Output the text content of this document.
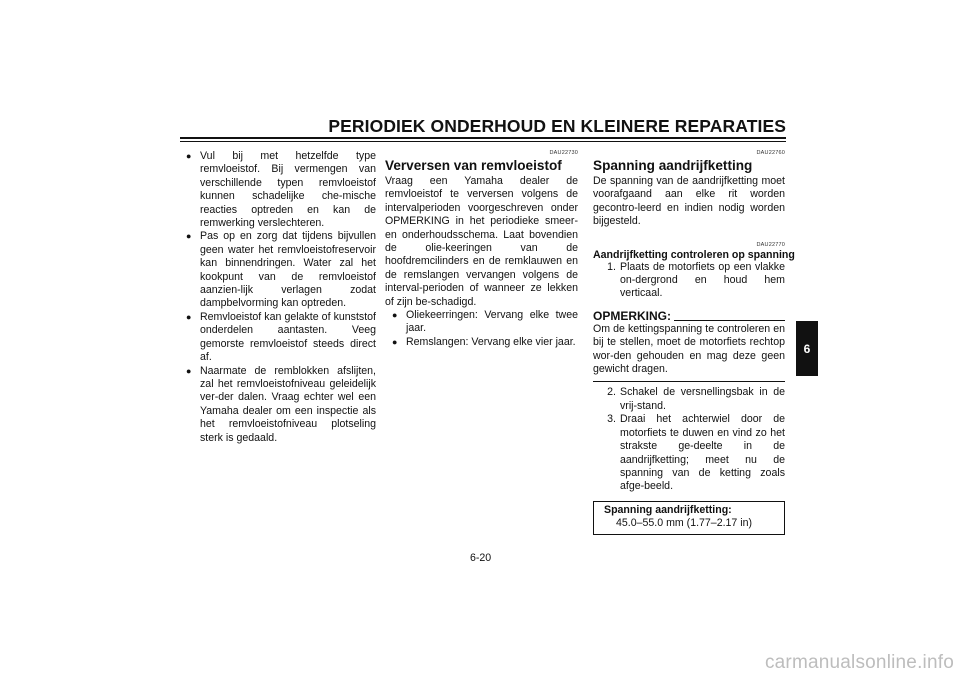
PERIODIEK ONDERHOUD EN KLEINERE REPARATIES
● Vul bij met hetzelfde type remvloeistof. Bij vermengen van verschillende typen remvloeistof kunnen schadelijke che-mische reacties optreden en kan de remwerking verslechteren.
● Pas op en zorg dat tijdens bijvullen geen water het remvloeistofreservoir kan binnendringen. Water zal het kookpunt van de remvloeistof aanzien-lijk verlagen zodat dampbelvorming kan optreden.
● Remvloeistof kan gelakte of kunststof onderdelen aantasten. Veeg gemorste remvloeistof steeds direct af.
● Naarmate de remblokken afslijten, zal het remvloeistofniveau geleidelijk ver-der dalen. Vraag echter wel een Yamaha dealer om een inspectie als het remvloeistofniveau plotseling sterk is gedaald.
DAU22730
Verversen van remvloeistof
Vraag een Yamaha dealer de remvloeistof te verversen volgens de intervalperioden voorgeschreven onder OPMERKING in het periodieke smeer- en onderhoudsschema. Laat bovendien de olie-keeringen van de hoofdremcilinders en de remklauwen en de remslangen vervangen volgens de interval-perioden of wanneer ze lekken of zijn be-schadigd.
● Oliekeerringen: Vervang elke twee jaar.
● Remslangen: Vervang elke vier jaar.
DAU22760
Spanning aandrijfketting
De spanning van de aandrijfketting moet voorafgaand aan elke rit worden gecontro-leerd en indien nodig worden bijgesteld.
DAU22770
Aandrijfketting controleren op spanning
1. Plaats de motorfiets op een vlakke on-dergrond en houd hem verticaal.
OPMERKING:
Om de kettingspanning te controleren en bij te stellen, moet de motorfiets rechtop wor-den gehouden en mag deze geen gewicht dragen.
2. Schakel de versnellingsbak in de vrij-stand.
3. Draai het achterwiel door de motorfiets te duwen en vind zo het strakste ge-deelte in de aandrijfketting; meet nu de spanning van de ketting zoals afge-beeld.
Spanning aandrijfketting:
45.0–55.0 mm (1.77–2.17 in)
6
6-20
carmanualsonline.info
